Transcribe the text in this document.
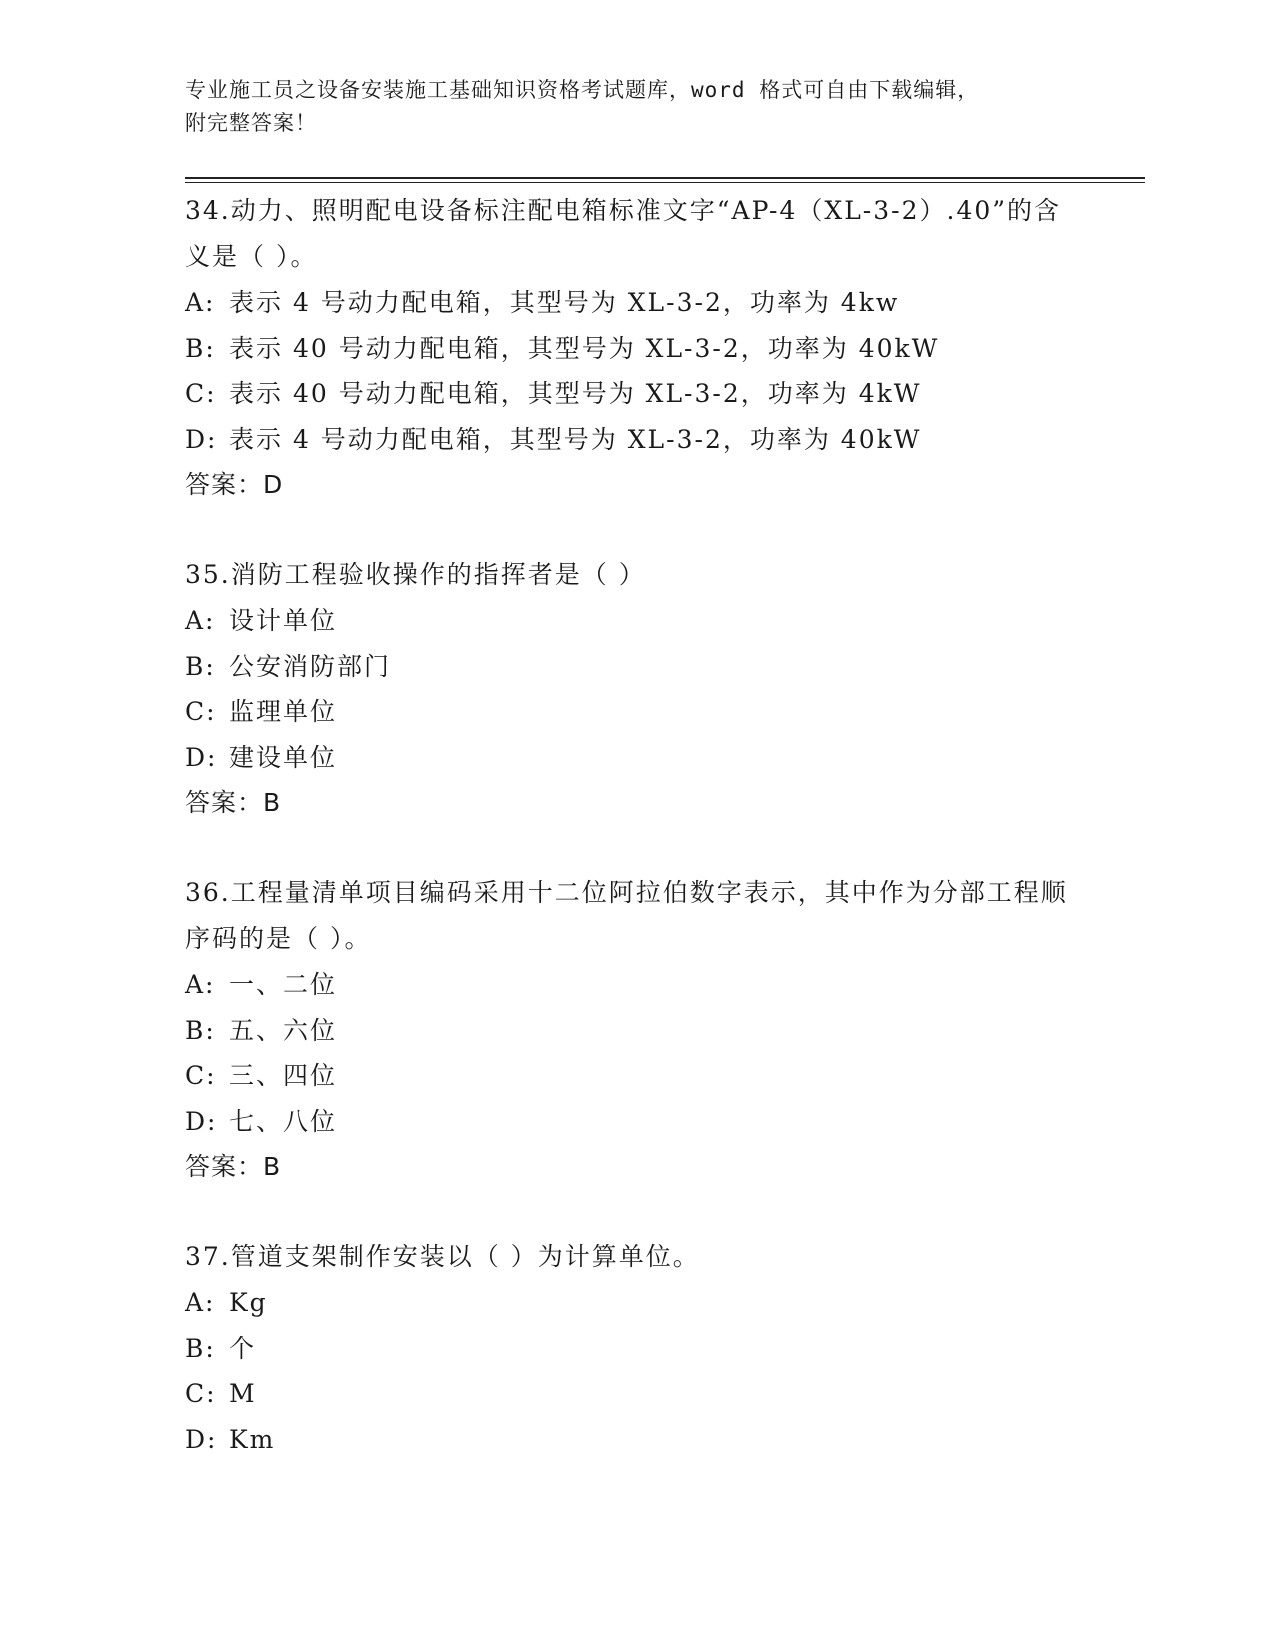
专业施工员之设备安装施工基础知识资格考试题库，word 格式可自由下载编辑，
附完整答案！
34.动力、照明配电设备标注配电箱标准文字“AP-4（XL-3-2）.40”的含义是（ ）。
A: 表示 4 号动力配电箱，其型号为 XL-3-2，功率为 4kw
B: 表示 40 号动力配电箱，其型号为 XL-3-2，功率为 40kW
C: 表示 40 号动力配电箱，其型号为 XL-3-2，功率为 4kW
D: 表示 4 号动力配电箱，其型号为 XL-3-2，功率为 40kW
答案：D
35.消防工程验收操作的指挥者是（ ）
A: 设计单位
B: 公安消防部门
C: 监理单位
D: 建设单位
答案：B
36.工程量清单项目编码采用十二位阿拉伯数字表示，其中作为分部工程顺序码的是（ ）。
A: 一、二位
B: 五、六位
C: 三、四位
D: 七、八位
答案：B
37.管道支架制作安装以（ ）为计算单位。
A: Kg
B: 个
C: M
D: Km
